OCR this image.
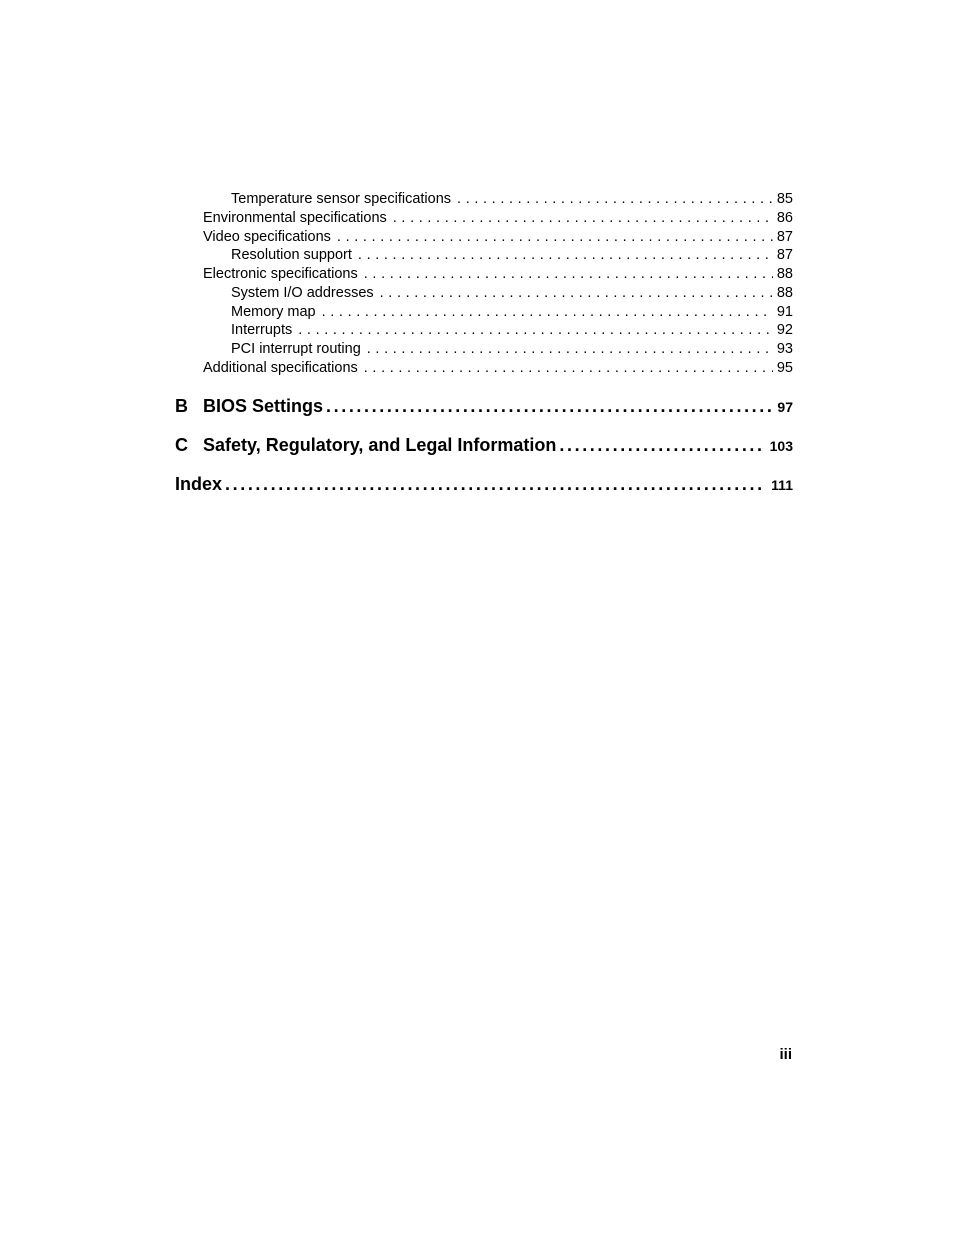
Temperature sensor specifications . . .	85
Environmental specifications . . .	86
Video specifications . . .	87
Resolution support . . .	87
Electronic specifications . . .	88
System I/O addresses . . .	88
Memory map . . .	91
Interrupts . . .	92
PCI interrupt routing . . .	93
Additional specifications . . .	95
B BIOS Settings .....	97
C Safety, Regulatory, and Legal Information .....	103
Index .....	111
iii
